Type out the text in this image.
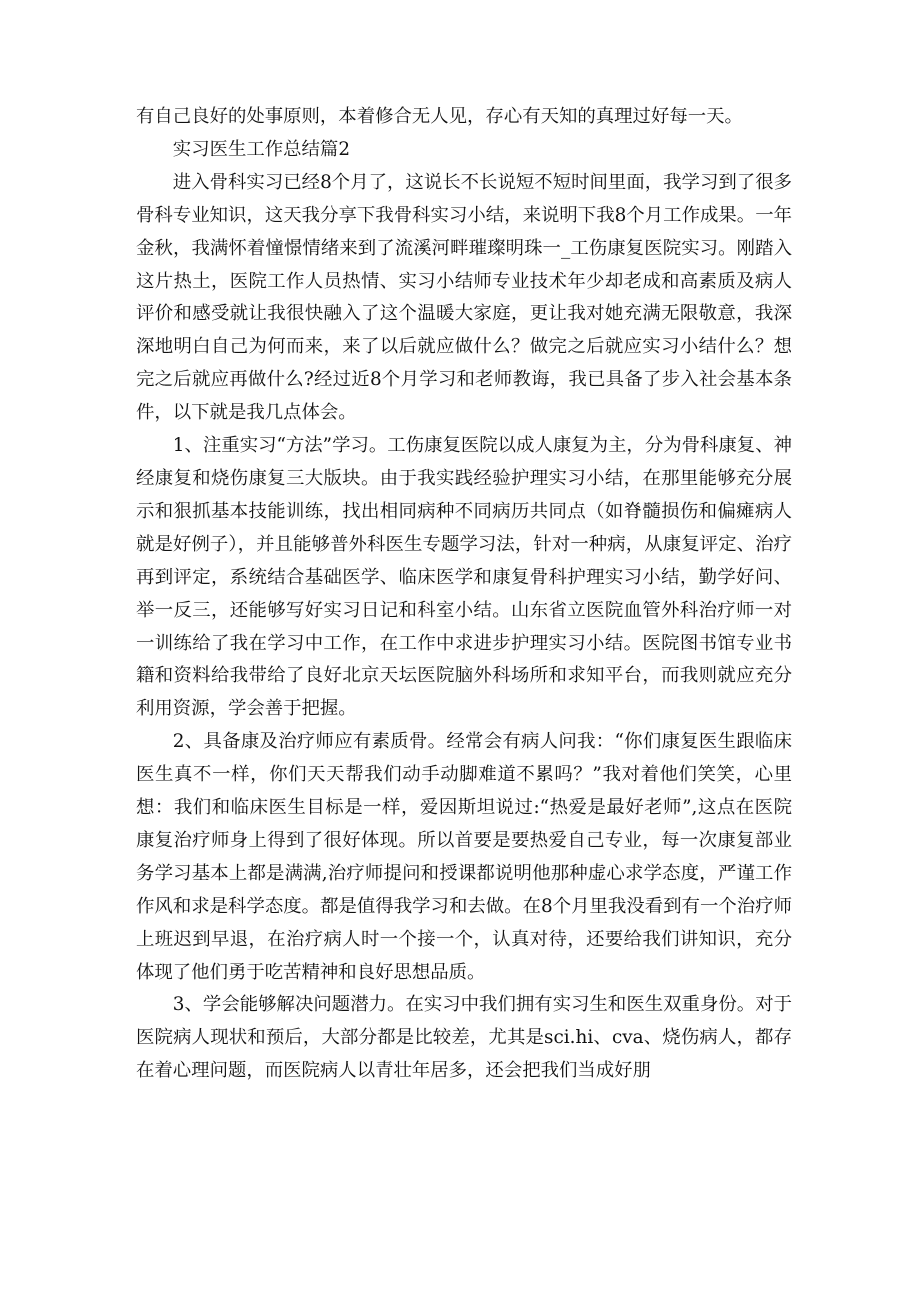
有自己良好的处事原则，本着修合无人见，存心有天知的真理过好每一天。

实习医生工作总结篇2

进入骨科实习已经8个月了，这说长不长说短不短时间里面，我学习到了很多骨科专业知识，这天我分享下我骨科实习小结，来说明下我8个月工作成果。一年金秋，我满怀着憧憬情绪来到了流溪河畔璀璨明珠一_工伤康复医院实习。刚踏入这片热土，医院工作人员热情、实习小结师专业技术年少却老成和高素质及病人评价和感受就让我很快融入了这个温暖大家庭，更让我对她充满无限敬意，我深深地明白自己为何而来，来了以后就应做什么？做完之后就应实习小结什么？想完之后就应再做什么?经过近8个月学习和老师教诲，我已具备了步入社会基本条件，以下就是我几点体会。

1、注重实习“方法”学习。工伤康复医院以成人康复为主，分为骨科康复、神经康复和烧伤康复三大版块。由于我实践经验护理实习小结，在那里能够充分展示和狠抓基本技能训练，找出相同病种不同病历共同点（如脊髓损伤和偏瘫病人就是好例子），并且能够普外科医生专题学习法，针对一种病，从康复评定、治疗再到评定，系统结合基础医学、临床医学和康复骨科护理实习小结，勤学好问、举一反三，还能够写好实习日记和科室小结。山东省立医院血管外科治疗师一对一训练给了我在学习中工作，在工作中求进步护理实习小结。医院图书馆专业书籍和资料给我带给了良好北京天坛医院脑外科场所和求知平台，而我则就应充分利用资源，学会善于把握。

2、具备康及治疗师应有素质骨。经常会有病人问我：“你们康复医生跟临床医生真不一样，你们天天帮我们动手动脚难道不累吗？”我对着他们笑笑，心里想：我们和临床医生目标是一样，爱因斯坦说过:“热爱是最好老师”,这点在医院康复治疗师身上得到了很好体现。所以首要是要热爱自己专业，每一次康复部业务学习基本上都是满满,治疗师提问和授课都说明他那种虚心求学态度，严谨工作作风和求是科学态度。都是值得我学习和去做。在8个月里我没看到有一个治疗师上班迟到早退，在治疗病人时一个接一个，认真对待，还要给我们讲知识，充分体现了他们勇于吃苦精神和良好思想品质。

3、学会能够解决问题潜力。在实习中我们拥有实习生和医生双重身份。对于医院病人现状和预后，大部分都是比较差，尤其是sci.hi、cva、烧伤病人，都存在着心理问题，而医院病人以青壮年居多，还会把我们当成好朋
